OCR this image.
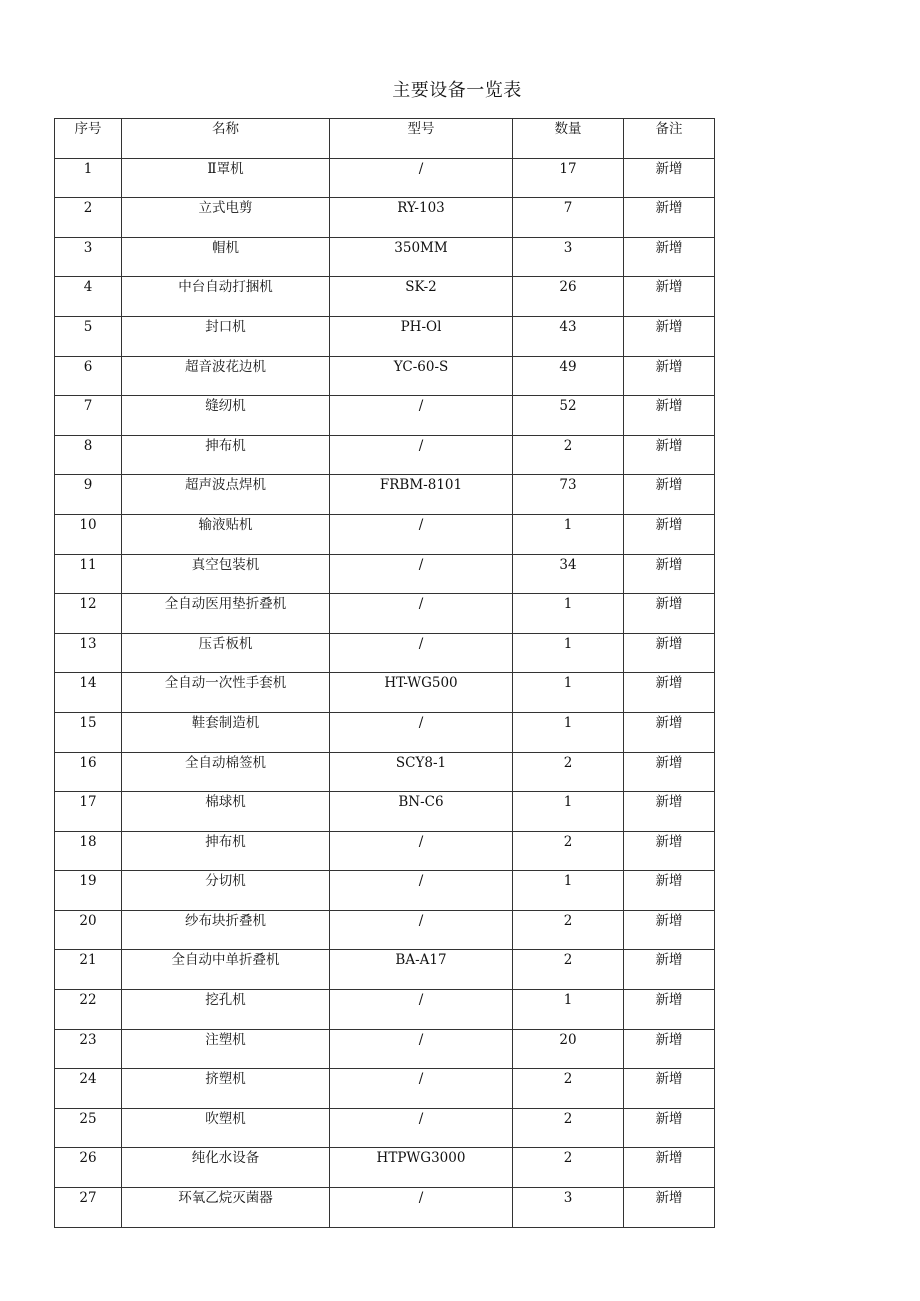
主要设备一览表
序号	名称	型号	数量	备注
1	Ⅱ罩机	/	17	新增
2	立式电剪	RY-103	7	新增
3	帽机	350MM	3	新增
4	中台自动打捆机	SK-2	26	新增
5	封口机	PH-Ol	43	新增
6	超音波花边机	YC-60-S	49	新增
7	缝纫机	/	52	新增
8	抻布机	/	2	新增
9	超声波点焊机	FRBM-8101	73	新增
10	输液贴机	/	1	新增
11	真空包装机	/	34	新增
12	全自动医用垫折叠机	/	1	新增
13	压舌板机	/	1	新增
14	全自动一次性手套机	HT-WG500	1	新增
15	鞋套制造机	/	1	新增
16	全自动棉签机	SCY8-1	2	新增
17	棉球机	BN-C6	1	新增
18	抻布机	/	2	新增
19	分切机	/	1	新增
20	纱布块折叠机	/	2	新增
21	全自动中单折叠机	BA-A17	2	新增
22	挖孔机	/	1	新增
23	注塑机	/	20	新增
24	挤塑机	/	2	新增
25	吹塑机	/	2	新增
26	纯化水设备	HTPWG3000	2	新增
27	环氧乙烷灭菌器	/	3	新增
